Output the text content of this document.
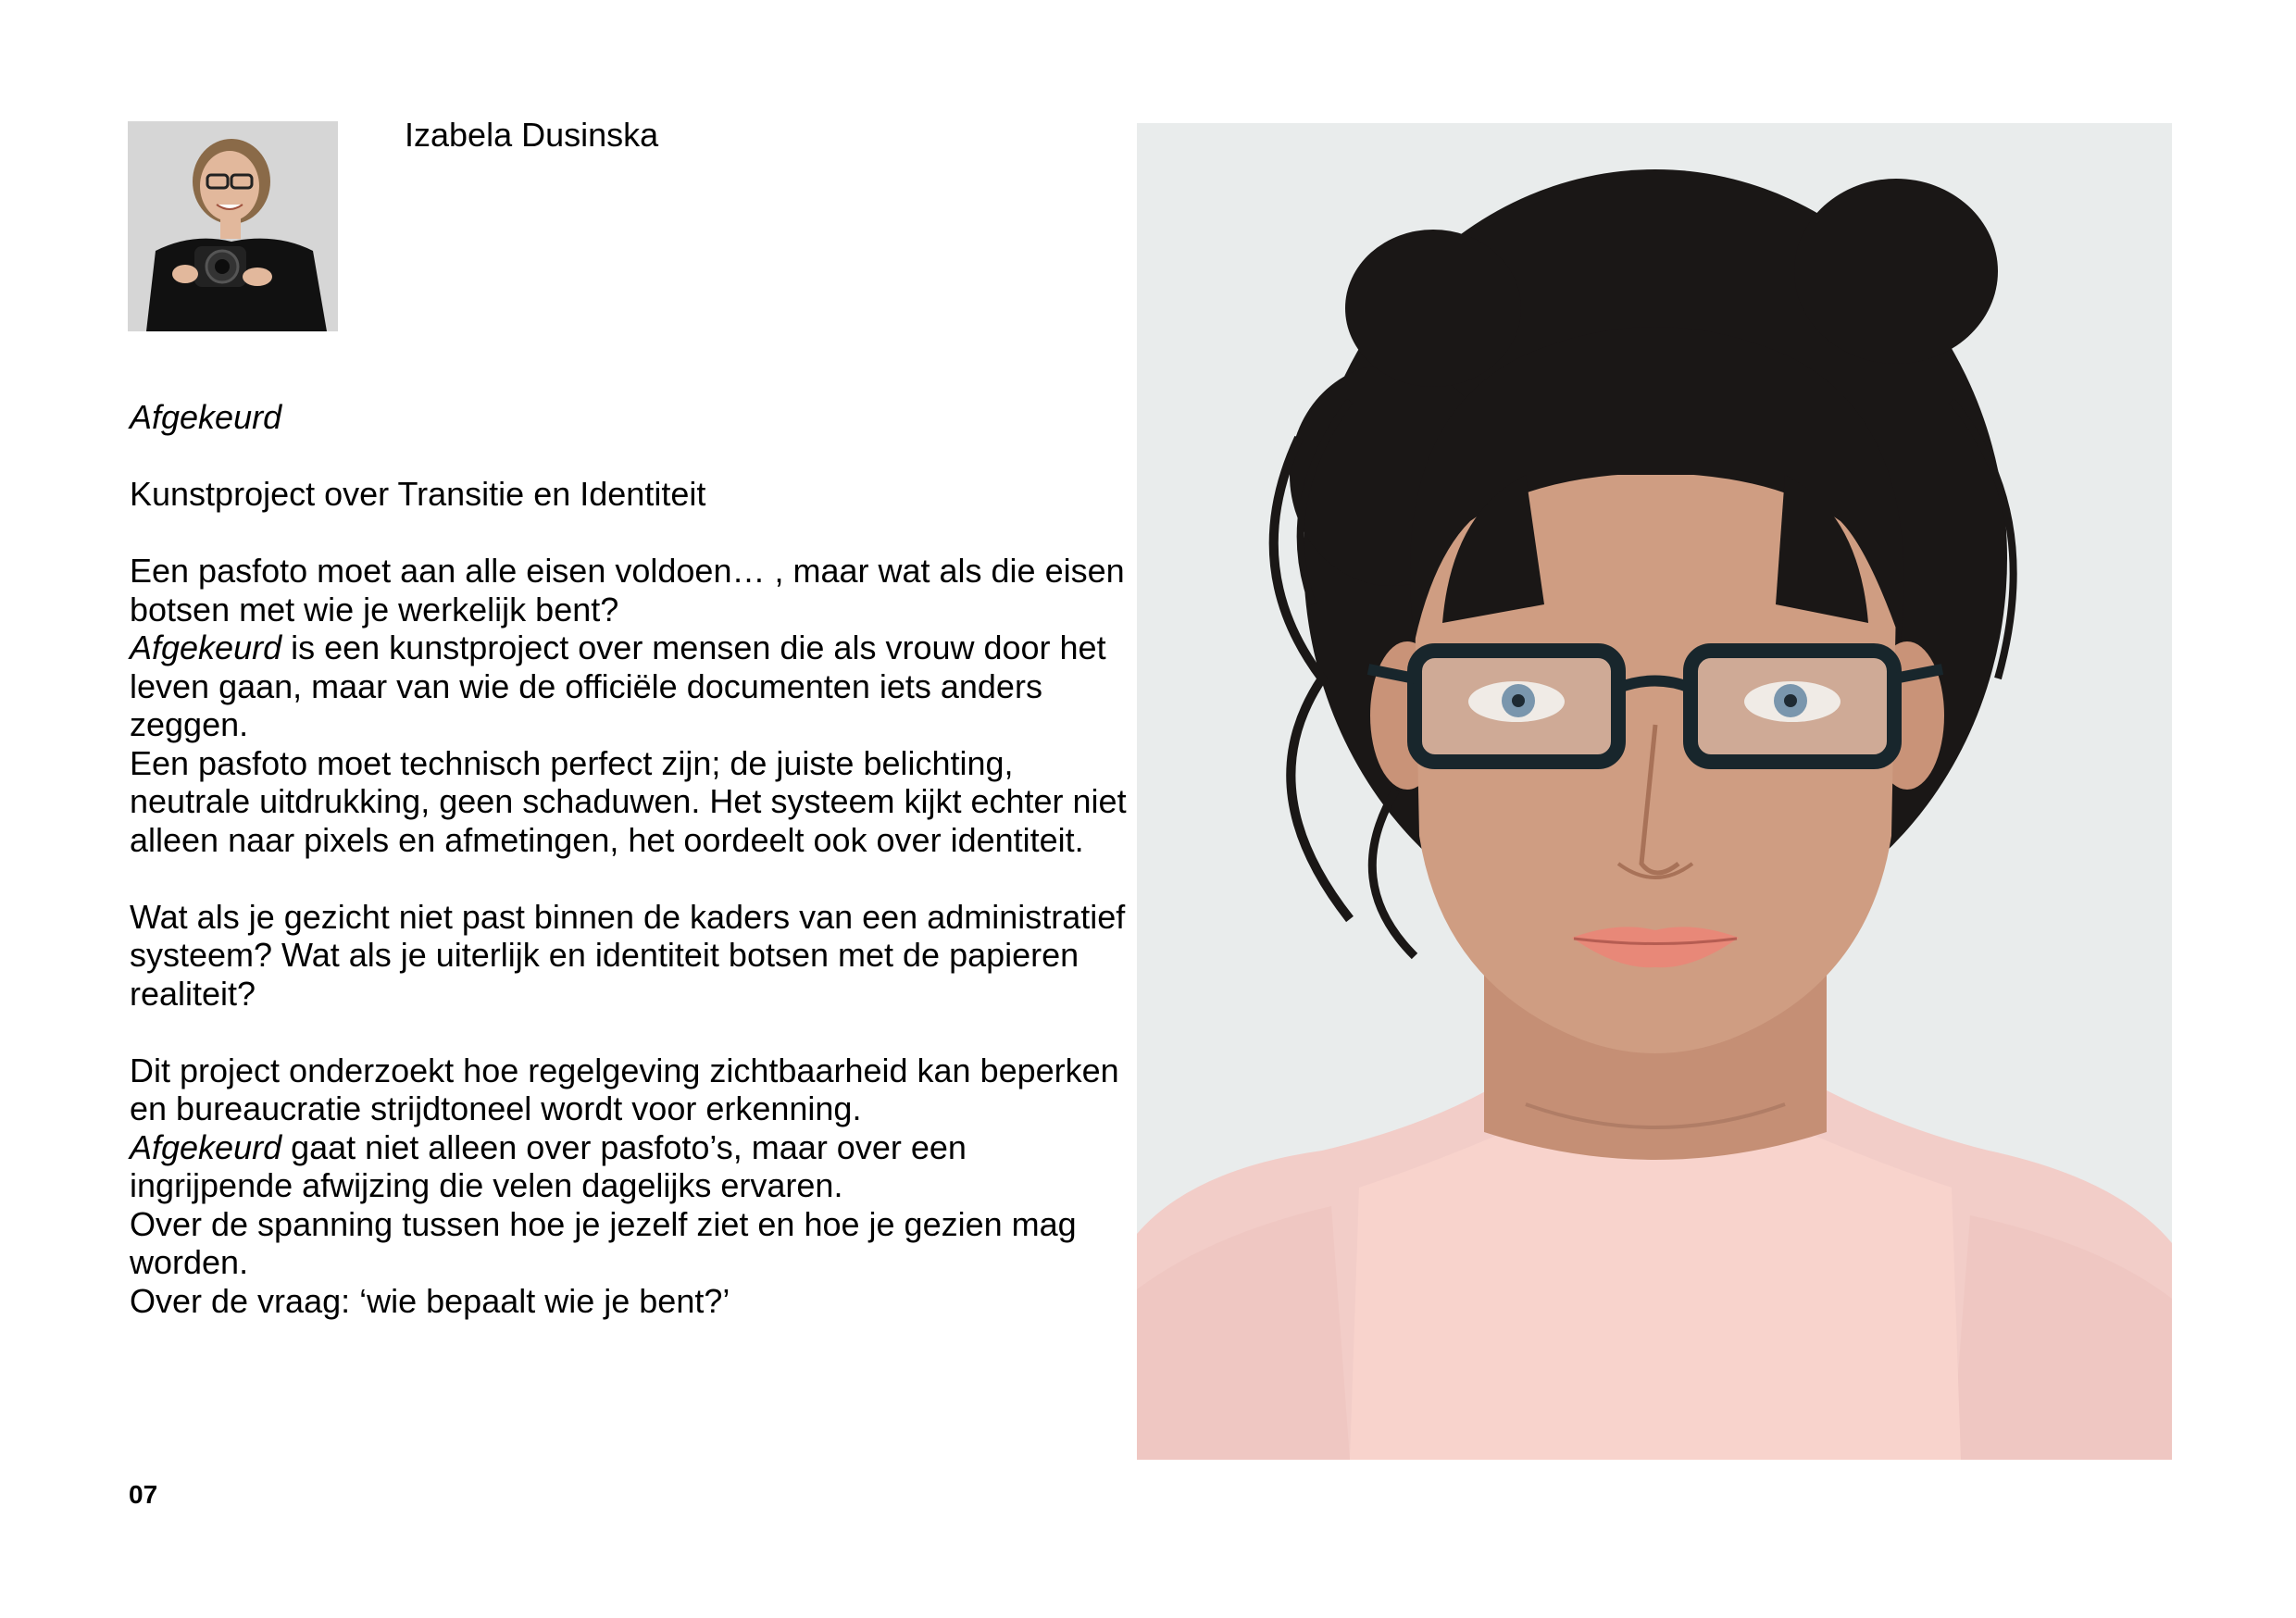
Izabela Dusinska

Afgekeurd

Kunstproject over Transitie en Identiteit

Een pasfoto moet aan alle eisen voldoen… , maar wat als die eisen botsen met wie je werkelijk bent?

Afgekeurd is een kunstproject over mensen die als vrouw door het leven gaan, maar van wie de officiële documenten iets anders zeggen.

Een pasfoto moet technisch perfect zijn; de juiste belichting, neutrale uitdrukking, geen schaduwen. Het systeem kijkt echter niet alleen naar pixels en afmetingen, het oordeelt ook over identiteit.

Wat als je gezicht niet past binnen de kaders van een administratief systeem? Wat als je uiterlijk en identiteit botsen met de papieren realiteit?

Dit project onderzoekt hoe regelgeving zichtbaarheid kan beperken en bureaucratie strijdtoneel wordt voor erkenning.

Afgekeurd gaat niet alleen over pasfoto’s, maar over een ingrijpende afwijzing die velen dagelijks ervaren.

Over de spanning tussen hoe je jezelf ziet en hoe je gezien mag worden.

Over de vraag: ‘wie bepaalt wie je bent?’

07
